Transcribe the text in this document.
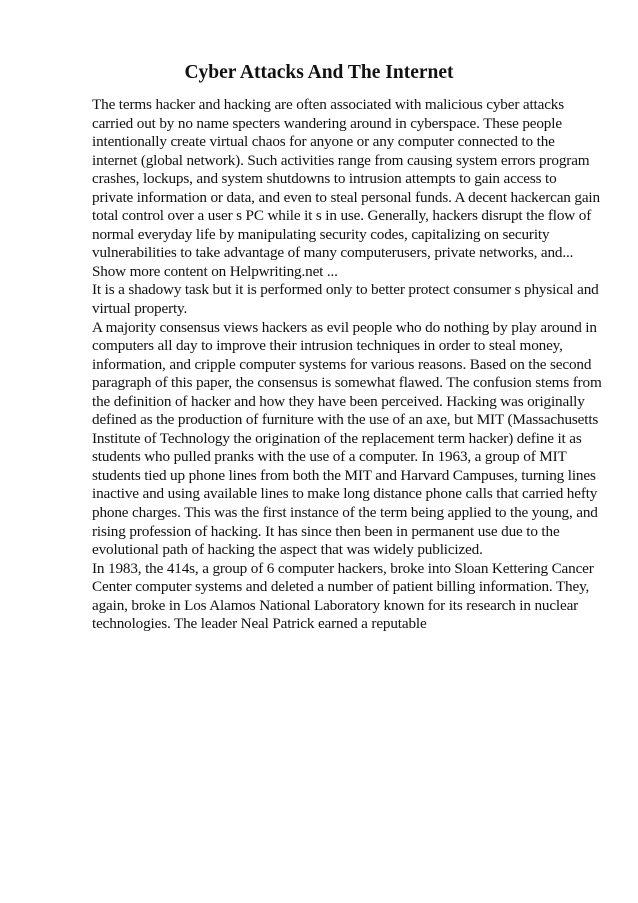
Cyber Attacks And The Internet
The terms hacker and hacking are often associated with malicious cyber attacks
carried out by no name specters wandering around in cyberspace. These people
intentionally create virtual chaos for anyone or any computer connected to the
internet (global network). Such activities range from causing system errors program
crashes, lockups, and system shutdowns to intrusion attempts to gain access to
private information or data, and even to steal personal funds. A decent hackercan gain
total control over a user s PC while it s in use. Generally, hackers disrupt the flow of
normal everyday life by manipulating security codes, capitalizing on security
vulnerabilities to take advantage of many computerusers, private networks, and...
Show more content on Helpwriting.net ...
It is a shadowy task but it is performed only to better protect consumer s physical and
virtual property.
A majority consensus views hackers as evil people who do nothing by play around in
computers all day to improve their intrusion techniques in order to steal money,
information, and cripple computer systems for various reasons. Based on the second
paragraph of this paper, the consensus is somewhat flawed. The confusion stems from
the definition of hacker and how they have been perceived. Hacking was originally
defined as the production of furniture with the use of an axe, but MIT (Massachusetts
Institute of Technology the origination of the replacement term hacker) define it as
students who pulled pranks with the use of a computer. In 1963, a group of MIT
students tied up phone lines from both the MIT and Harvard Campuses, turning lines
inactive and using available lines to make long distance phone calls that carried hefty
phone charges. This was the first instance of the term being applied to the young, and
rising profession of hacking. It has since then been in permanent use due to the
evolutional path of hacking the aspect that was widely publicized.
In 1983, the 414s, a group of 6 computer hackers, broke into Sloan Kettering Cancer
Center computer systems and deleted a number of patient billing information. They,
again, broke in Los Alamos National Laboratory known for its research in nuclear
technologies. The leader Neal Patrick earned a reputable
